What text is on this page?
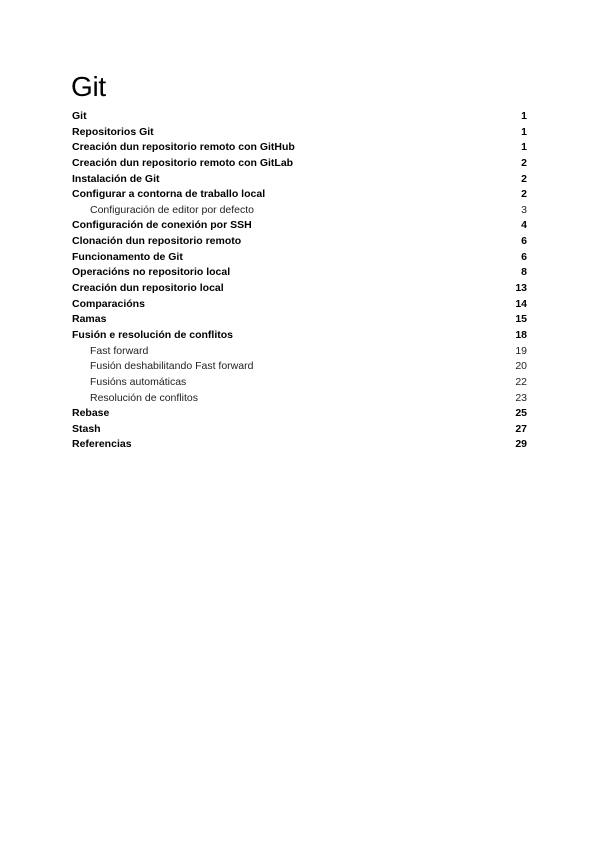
Git
Git	1
Repositorios Git	1
Creación dun repositorio remoto con GitHub	1
Creación dun repositorio remoto con GitLab	2
Instalación de Git	2
Configurar a contorna de traballo local	2
Configuración de editor por defecto	3
Configuración de conexión por SSH	4
Clonación dun repositorio remoto	6
Funcionamento de Git	6
Operacións no repositorio local	8
Creación dun repositorio local	13
Comparacións	14
Ramas	15
Fusión e resolución de conflitos	18
Fast forward	19
Fusión deshabilitando Fast forward	20
Fusións automáticas	22
Resolución de conflitos	23
Rebase	25
Stash	27
Referencias	29
